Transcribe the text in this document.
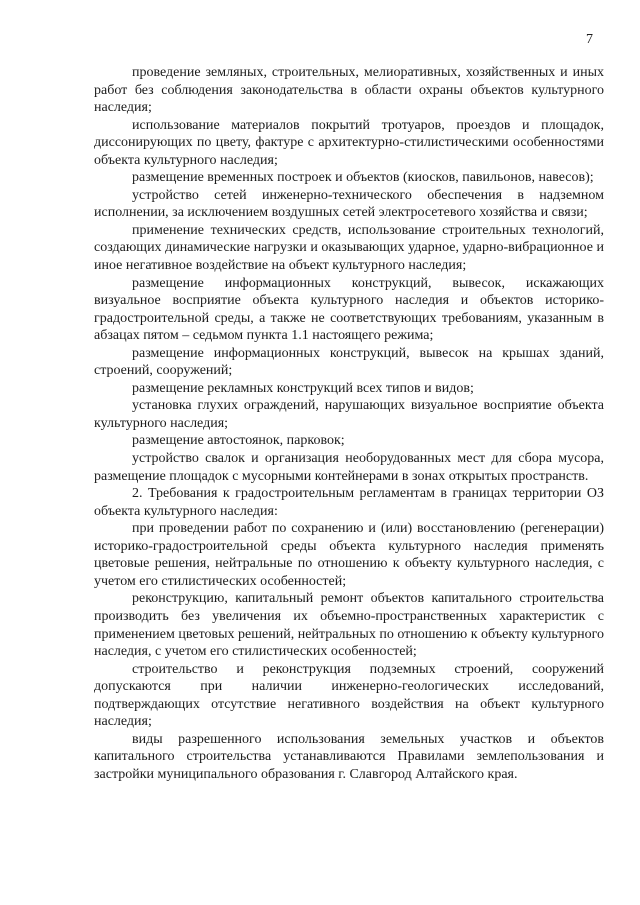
7

проведение земляных, строительных, мелиоративных, хозяйственных и иных работ без соблюдения законодательства в области охраны объектов культурного наследия;

использование материалов покрытий тротуаров, проездов и площадок, диссонирующих по цвету, фактуре с архитектурно-стилистическими особенностями объекта культурного наследия;

размещение временных построек и объектов (киосков, павильонов, навесов);

устройство сетей инженерно-технического обеспечения в надземном исполнении, за исключением воздушных сетей электросетевого хозяйства и связи;

применение технических средств, использование строительных технологий, создающих динамические нагрузки и оказывающих ударное, ударно-вибрационное и иное негативное воздействие на объект культурного наследия;

размещение информационных конструкций, вывесок, искажающих визуальное восприятие объекта культурного наследия и объектов историко-градостроительной среды, а также не соответствующих требованиям, указанным в абзацах пятом – седьмом пункта 1.1 настоящего режима;

размещение информационных конструкций, вывесок на крышах зданий, строений, сооружений;

размещение рекламных конструкций всех типов и видов;

установка глухих ограждений, нарушающих визуальное восприятие объекта культурного наследия;

размещение автостоянок, парковок;

устройство свалок и организация необорудованных мест для сбора мусора, размещение площадок с мусорными контейнерами в зонах открытых пространств.

2. Требования к градостроительным регламентам в границах территории ОЗ объекта культурного наследия:

при проведении работ по сохранению и (или) восстановлению (регенерации) историко-градостроительной среды объекта культурного наследия применять цветовые решения, нейтральные по отношению к объекту культурного наследия, с учетом его стилистических особенностей;

реконструкцию, капитальный ремонт объектов капитального строительства производить без увеличения их объемно-пространственных характеристик с применением цветовых решений, нейтральных по отношению к объекту культурного наследия, с учетом его стилистических особенностей;

строительство и реконструкция подземных строений, сооружений допускаются при наличии инженерно-геологических исследований, подтверждающих отсутствие негативного воздействия на объект культурного наследия;

виды разрешенного использования земельных участков и объектов капитального строительства устанавливаются Правилами землепользования и застройки муниципального образования г. Славгород Алтайского края.
